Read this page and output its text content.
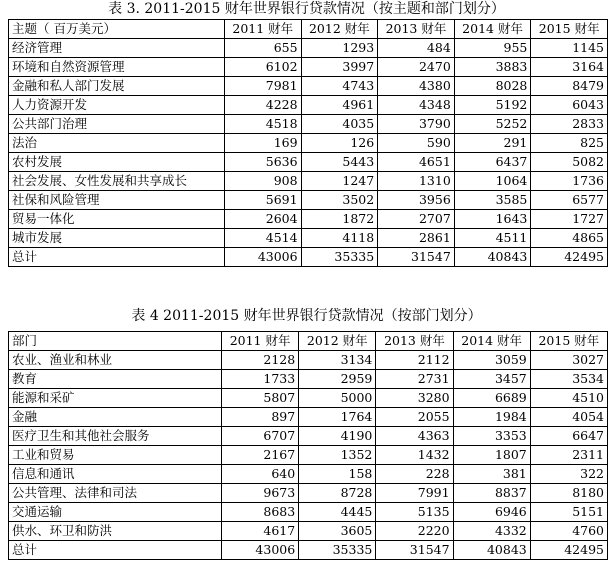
表 3. 2011-2015 财年世界银行贷款情况（按主题和部门划分）
主题（ 百万美元）	2011 财年	2012 财年	2013 财年	2014 财年	2015 财年
经济管理	655	1293	484	955	1145
环境和自然资源管理	6102	3997	2470	3883	3164
金融和私人部门发展	7981	4743	4380	8028	8479
人力资源开发	4228	4961	4348	5192	6043
公共部门治理	4518	4035	3790	5252	2833
法治	169	126	590	291	825
农村发展	5636	5443	4651	6437	5082
社会发展、女性发展和共享成长	908	1247	1310	1064	1736
社保和风险管理	5691	3502	3956	3585	6577
贸易一体化	2604	1872	2707	1643	1727
城市发展	4514	4118	2861	4511	4865
总计	43006	35335	31547	40843	42495
表 4 2011-2015 财年世界银行贷款情况（按部门划分）
部门	2011 财年	2012 财年	2013 财年	2014 财年	2015 财年
农业、渔业和林业	2128	3134	2112	3059	3027
教育	1733	2959	2731	3457	3534
能源和采矿	5807	5000	3280	6689	4510
金融	897	1764	2055	1984	4054
医疗卫生和其他社会服务	6707	4190	4363	3353	6647
工业和贸易	2167	1352	1432	1807	2311
信息和通讯	640	158	228	381	322
公共管理、法律和司法	9673	8728	7991	8837	8180
交通运输	8683	4445	5135	6946	5151
供水、环卫和防洪	4617	3605	2220	4332	4760
总计	43006	35335	31547	40843	42495
